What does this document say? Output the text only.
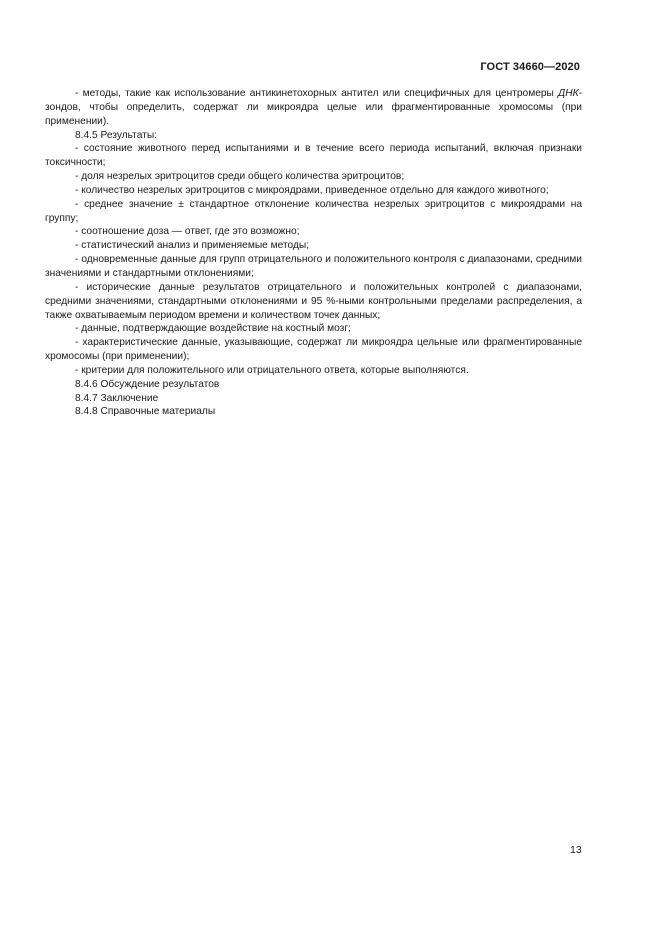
ГОСТ 34660—2020

- методы, такие как использование антикинетохорных антител или специфичных для центромеры ДНК-зондов, чтобы определить, содержат ли микроядра целые или фрагментированные хромосомы (при применении).

8.4.5 Результаты:

- состояние животного перед испытаниями и в течение всего периода испытаний, включая признаки токсичности;

- доля незрелых эритроцитов среди общего количества эритроцитов;

- количество незрелых эритроцитов с микроядрами, приведенное отдельно для каждого животного;

- среднее значение ± стандартное отклонение количества незрелых эритроцитов с микроядрами на группу;

- соотношение доза — ответ, где это возможно;

- статистический анализ и применяемые методы;

- одновременные данные для групп отрицательного и положительного контроля с диапазонами, средними значениями и стандартными отклонениями;

- исторические данные результатов отрицательного и положительных контролей с диапазонами, средними значениями, стандартными отклонениями и 95 %-ными контрольными пределами распределения, а также охватываемым периодом времени и количеством точек данных;

- данные, подтверждающие воздействие на костный мозг;

- характеристические данные, указывающие, содержат ли микроядра цельные или фрагментированные хромосомы (при применении);

- критерии для положительного или отрицательного ответа, которые выполняются.

8.4.6 Обсуждение результатов

8.4.7 Заключение

8.4.8 Справочные материалы

13
